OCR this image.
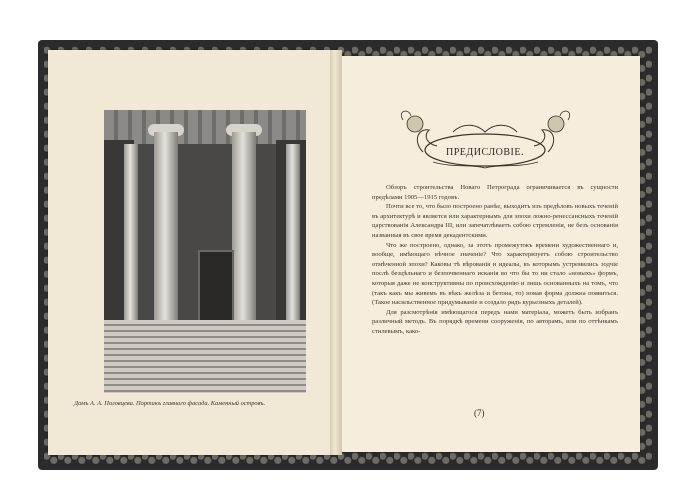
Домъ А. А. Половцева. Портикъ главнаго фасада. Каменный островъ.
ПРЕДИСЛОВІЕ.

Обзоръ строительства Новаго Петрограда ограничивается въ сущности предѣлами 1905—1915 годовъ.

Почти все то, что было построено ранѣе, выходитъ изъ предѣловъ новыхъ теченій въ архитектурѣ и является или характернымъ для эпохи ложно-ренессансныхъ теченій царствованія Александра III, или запечатлѣваетъ собою стремленія, не безъ основанія названныя въ свое время декадентскими.

Что же построено, однако, за этотъ промежутокъ времени художественнаго и, вообще, имѣющаго вѣчное значеніе? Что характеризуетъ собою строительство отмѣченной эпохи? Каковы тѣ вѣрованія и идеалы, къ которымъ устремились зодчіе послѣ безцѣльнаго и безпочвеннаго исканія во что бы то ни стало «новыхъ» формъ, которыя даже не конструктивны по происхожденію и лишь основанныхъ на томъ, что (такъ какъ мы живемъ въ вѣкъ желѣза и бетона, то) новая форма должна появиться. (Такое насильственное придумываніе и создало рядъ курьезныхъ деталей).

Для разсмотрѣнія имѣющагося передъ нами матеріала, можетъ быть избранъ различный методъ. Въ порядкѣ времени сооруженія, по авторамъ, или по оттѣнкамъ стилевымъ, како-

(7)
